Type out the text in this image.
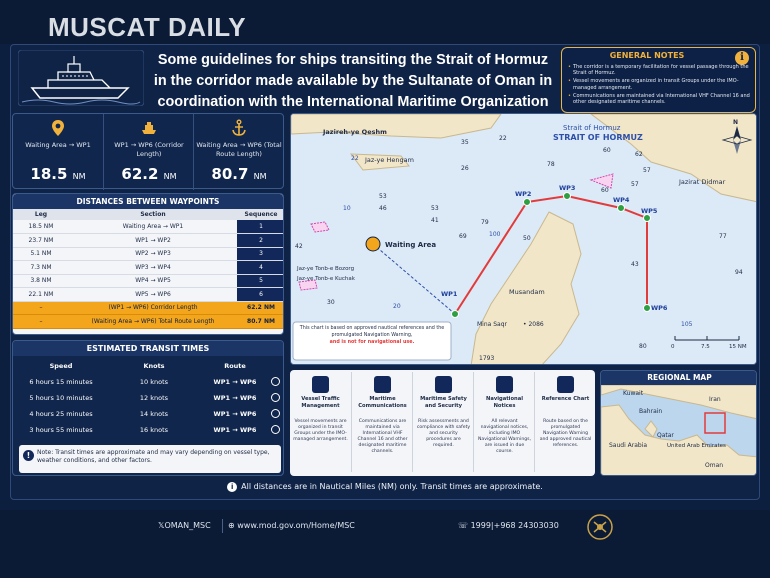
MUSCAT DAILY
Some guidelines for ships transiting the Strait of Hormuz in the corridor made available by the Sultanate of Oman in coordination with the International Maritime Organization
GENERAL NOTES	i
• The corridor is a temporary facilitation for vessel passage through the Strait of Hormuz.
• Vessel movements are organized in transit Groups under the IMO-managed arrangement.
• Communications are maintained via International VHF Channel 16 and other designated maritime channels.
Waiting Area → WP1
18.5 NM
WP1 → WP6 (Corridor Length)
62.2 NM
Waiting Area → WP6 (Total Route Length)
80.7 NM
DISTANCES BETWEEN WAYPOINTS
Leg	Section	Sequence
18.5 NM	Waiting Area → WP1	1
23.7 NM	WP1 → WP2	2
5.1 NM	WP2 → WP3	3
7.3 NM	WP3 → WP4	4
3.8 NM	WP4 → WP5	5
22.1 NM	WP5 → WP6	6
–	(WP1 → WP6) Corridor Length	62.2 NM
–	(Waiting Area → WP6) Total Route Length	80.7 NM
ESTIMATED TRANSIT TIMES
Speed	Knots	Route
6 hours 15 minutes	10 knots	WP1 → WP6
5 hours 10 minutes	12 knots	WP1 → WP6
4 hours 25 minutes	14 knots	WP1 → WP6
3 hours 55 minutes	16 knots	WP1 → WP6
!	Note: Transit times are approximate and may vary depending on vessel type, weather conditions, and other factors.
Jazireh-ye Qeshm
Jaz-ye Hengam
Jazirat Didmar
Jaz-ye Tonb-e Bozorg
Jaz-ye Tonb-e Kuchak
Musandam
Mina Saqr	• 2086
Strait of Hormuz
STRAIT OF HORMUZ
35
22
78
60
62
57
26
60
57
53
46	53
41	79
69	100
50
43
77
42
22
10
94
30
20
80
105
1793
Waiting Area
WP1
WP2
WP3
WP4
WP5
WP6
This chart is based on approved nautical references and the promulgated Navigation Warning,
and is not for navigational use.
0	7.5	15 NM
N
Vessel Traffic Management
Vessel movements are organized in transit Groups under the IMO-managed arrangement.
Maritime Communications
Communications are maintained via International VHF Channel 16 and other designated maritime channels.
Maritime Safety and Security
Risk assessments and compliance with safety and security procedures are required.
Navigational Notices
All relevant navigational notices, including IMO Navigational Warnings, are issued in due course.
Reference Chart
Route based on the promulgated Navigation Warning and approved nautical references.
REGIONAL MAP
Kuwait
Iran
Bahrain
Qatar
Saudi Arabia	United Arab Emirates
Oman
i All distances are in Nautical Miles (NM) only. Transit times are approximate.
𝕏OMAN_MSC ⊕ www.mod.gov.om/Home/MSC	☏ 1999|+968 24303030
